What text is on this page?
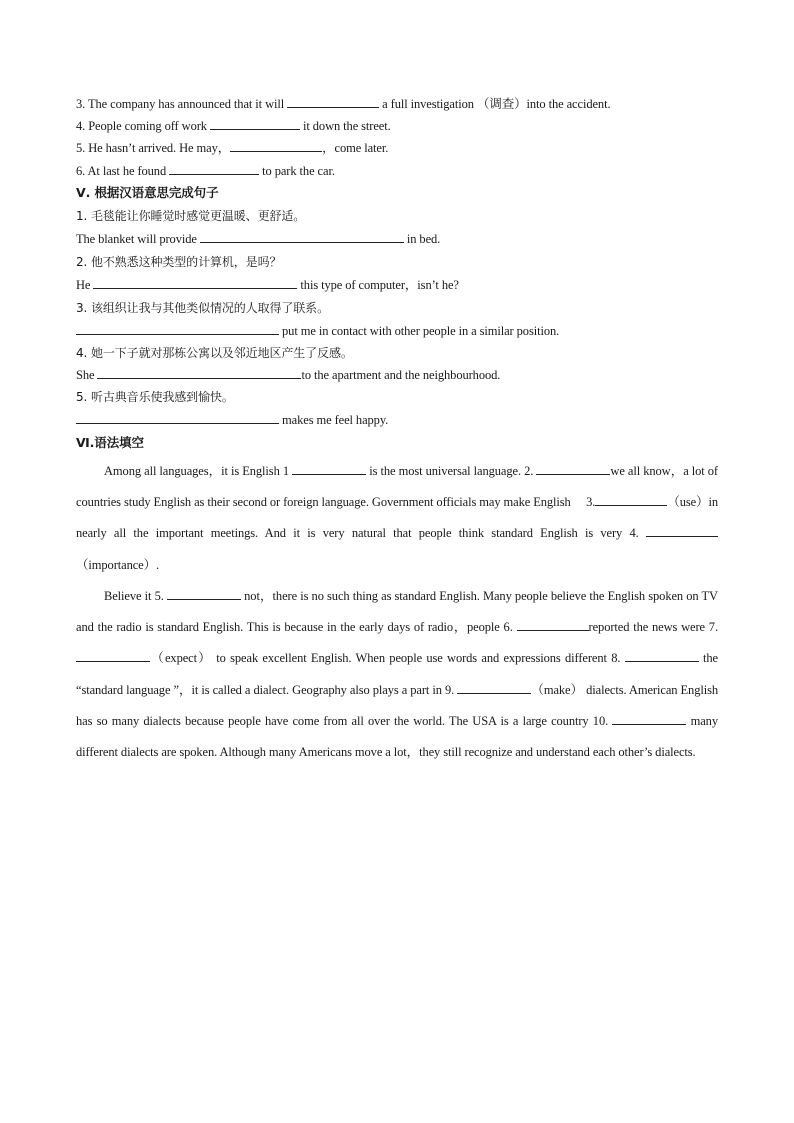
3. The company has announced that it will	a full investigation （调查）into the accident.
4. People coming off work	it down the street.
5. He hasn’t arrived. He may，	，come later.
6. At last he found	to park the car.
Ⅴ. 根据汉语意思完成句子
1. 毛毯能让你睡觉时感觉更温暖、更舒适。
The blanket will provide	in bed.
2. 他不熟悉这种类型的计算机，是吗？
He	this type of computer，isn’t he?
3. 该组织让我与其他类似情况的人取得了联系。
put me in contact with other people in a similar position.
4. 她一下子就对那栋公寓以及邻近地区产生了反感。
She	to the apartment and the neighbourhood.
5. 听古典音乐使我感到愉快。
makes me feel happy.
Ⅵ.语法填空
Among all languages，it is English 1	is the most universal language. 2.	we all know，a lot of countries study English as their second or foreign language. Government officials may make English　 3.	（use）in nearly all the important meetings. And it is very natural that people think standard English is very 4. （importance）.
Believe it 5.	not，there is no such thing as standard English. Many people believe the English spoken on TV and the radio is standard English. This is because in the early days of radio，people 6.	reported the news were 7. （expect） to speak excellent English. When people use words and expressions different 8.	the “standard language ”，it is called a dialect. Geography also plays a part in 9.	（make） dialects. American English has so many dialects because people have come from all over the world. The USA is a large country 10.	many different dialects are spoken. Although many Americans move a lot，they still recognize and understand each other’s dialects.
